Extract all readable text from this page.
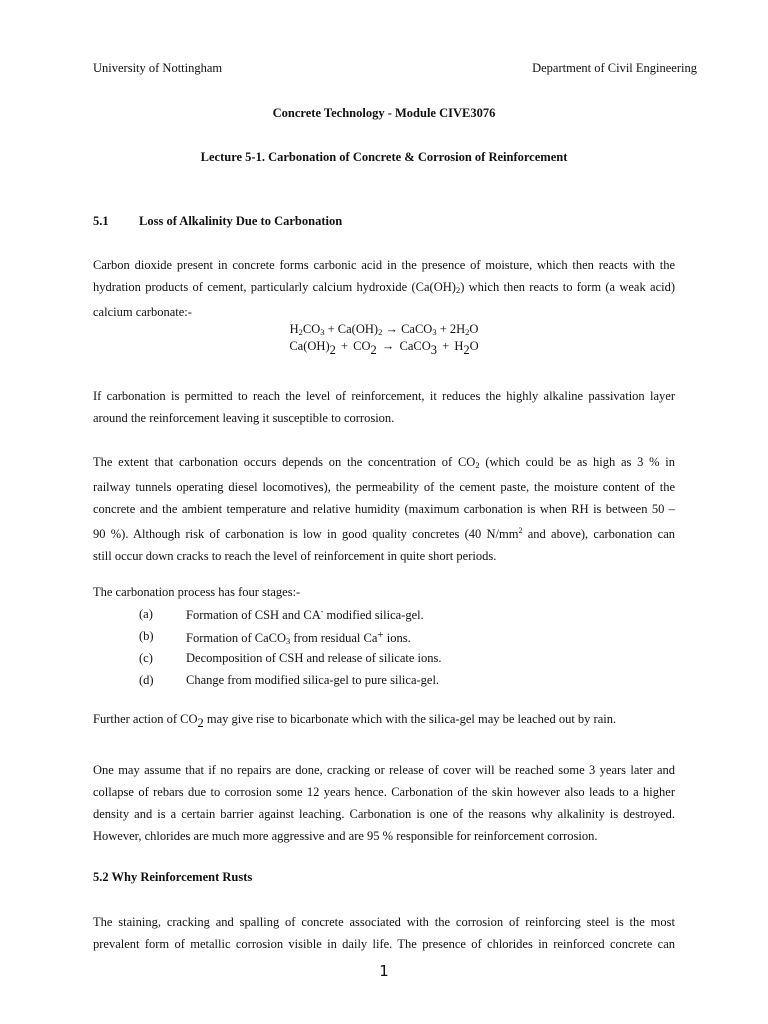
University of Nottingham	Department of Civil Engineering
Concrete Technology - Module CIVE3076
Lecture 5-1. Carbonation of Concrete & Corrosion of Reinforcement
5.1 Loss of Alkalinity Due to Carbonation
Carbon dioxide present in concrete forms carbonic acid in the presence of moisture, which then reacts with the
hydration products of cement, particularly calcium hydroxide $(Ca(OH)_2)$ which then reacts to form (a weak acid)
calcium carbonate:-
$H_2CO_3 + Ca(OH)_2$ → CaCO$_3$ + $2H_2O$
Ca(OH)2 + CO2 → CaCO3 + H2O
If carbonation is permitted to reach the level of reinforcement, it reduces the highly alkaline passivation layer
around the reinforcement leaving it susceptible to corrosion.
The extent that carbonation occurs depends on the concentration of $CO_2$ (which could be as high as 3 % in
railway tunnels operating diesel locomotives), the permeability of the cement paste, the moisture content of the
concrete and the ambient temperature and relative humidity (maximum carbonation is when RH is between 50 –
90 %). Although risk of carbonation is low in good quality concretes (40 $N/mm^2$ and above), carbonation can
still occur down cracks to reach the level of reinforcement in quite short periods.
The carbonation process has four stages:-
(a)	Formation of CSH and CA- modified silica-gel.
(b)	Formation of CaCO$_3$ from residual Ca+ ions.
(c)	Decomposition of CSH and release of silicate ions.
(d)	Change from modified silica-gel to pure silica-gel.
Further action of CO2 may give rise to bicarbonate which with the silica-gel may be leached out by rain.
One may assume that if no repairs are done, cracking or release of cover will be reached some 3 years later and
collapse of rebars due to corrosion some 12 years hence. Carbonation of the skin however also leads to a higher
density and is a certain barrier against leaching. Carbonation is one of the reasons why alkalinity is destroyed.
However, chlorides are much more aggressive and are 95 % responsible for reinforcement corrosion.
5.2 Why Reinforcement Rusts
The staining, cracking and spalling of concrete associated with the corrosion of reinforcing steel is the most
prevalent form of metallic corrosion visible in daily life. The presence of chlorides in reinforced concrete can
1
